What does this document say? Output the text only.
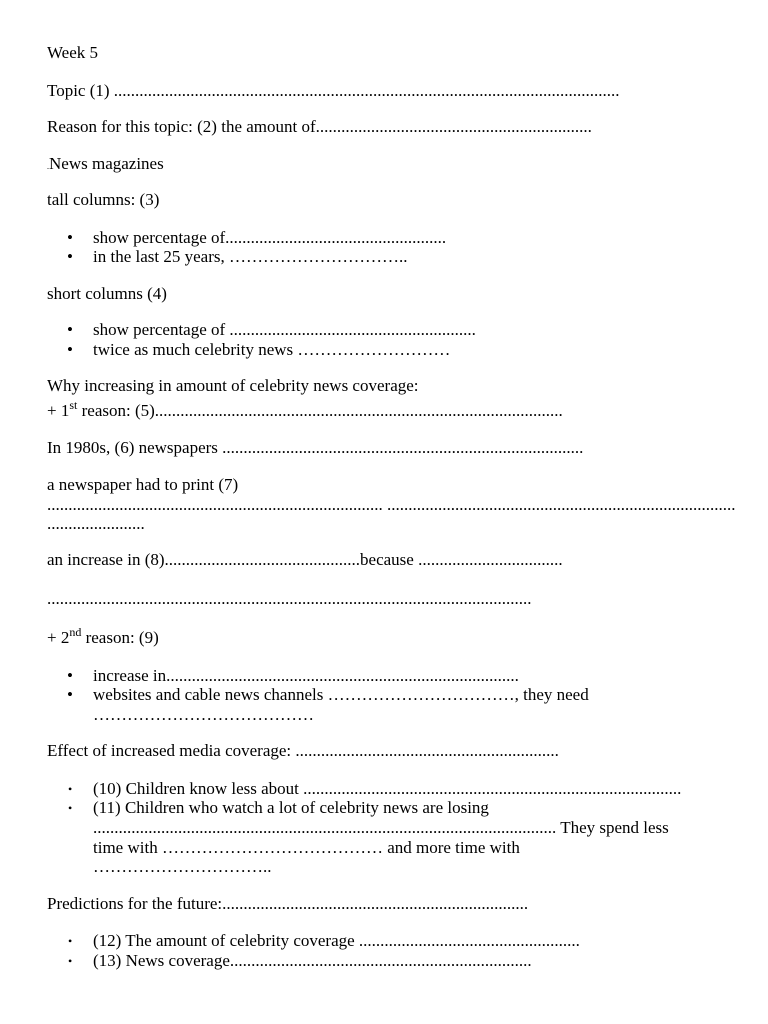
Week 5
Topic (1) .......................................................................................................................
Reason for this topic: (2) the amount of.................................................................
.News magazines
tall columns: (3)
• show percentage of....................................................
• in the last 25 years, …………………………..
short columns (4)
• show percentage of ..........................................................
• twice as much celebrity news ………………………
Why increasing in amount of celebrity news coverage:
+ 1st reason: (5)................................................................................................
In 1980s, (6) newspapers .....................................................................................
a newspaper had to print (7)
............................................................................... ..................................................................................
.......................
an increase in (8)..............................................because ..................................
..................................................................................................................
+ 2nd reason: (9)
• increase in...................................................................................
• websites and cable news channels ……………………………, they need
…………………………………
Effect of increased media coverage: ..............................................................
• (10) Children know less about .........................................................................................
• (11) Children who watch a lot of celebrity news are losing
............................................................................................................. They spend less
time with ………………………………… and more time with
…………………………..
Predictions for the future:........................................................................
• (12) The amount of celebrity coverage ....................................................
• (13) News coverage.......................................................................
